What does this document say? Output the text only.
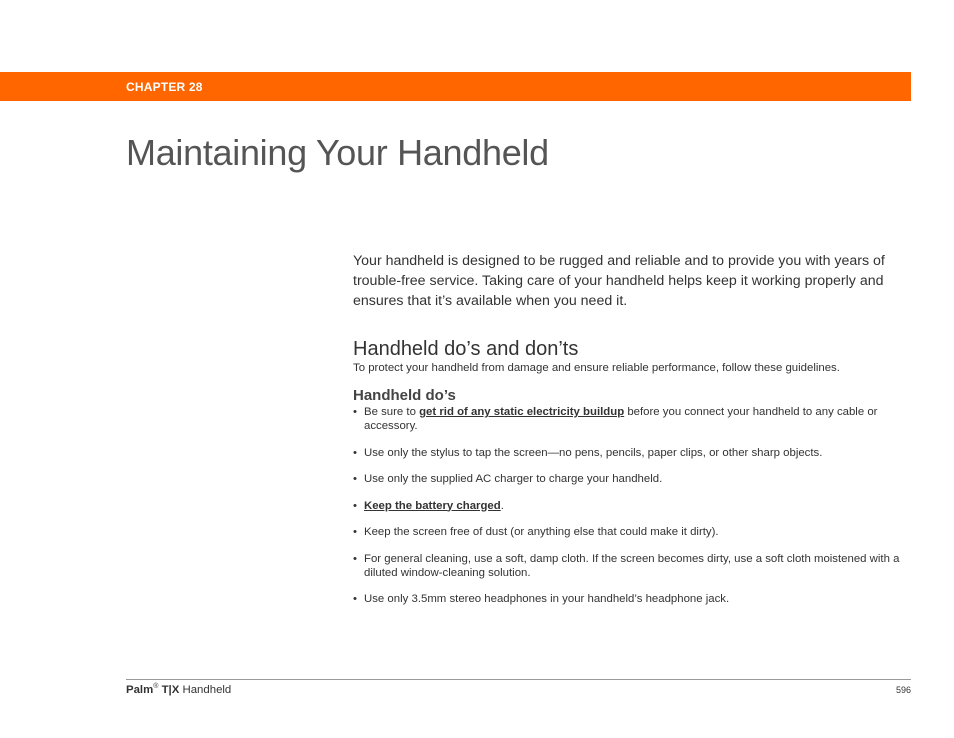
CHAPTER 28
Maintaining Your Handheld

Your handheld is designed to be rugged and reliable and to provide you with years of trouble-free service. Taking care of your handheld helps keep it working properly and ensures that it’s available when you need it.

Handheld do’s and don’ts

To protect your handheld from damage and ensure reliable performance, follow these guidelines.

Handheld do’s
• Be sure to get rid of any static electricity buildup before you connect your handheld to any cable or accessory.
• Use only the stylus to tap the screen—no pens, pencils, paper clips, or other sharp objects.
• Use only the supplied AC charger to charge your handheld.
• Keep the battery charged.
• Keep the screen free of dust (or anything else that could make it dirty).
• For general cleaning, use a soft, damp cloth. If the screen becomes dirty, use a soft cloth moistened with a diluted window-cleaning solution.
• Use only 3.5mm stereo headphones in your handheld’s headphone jack.
Palm® T|X Handheld	596
